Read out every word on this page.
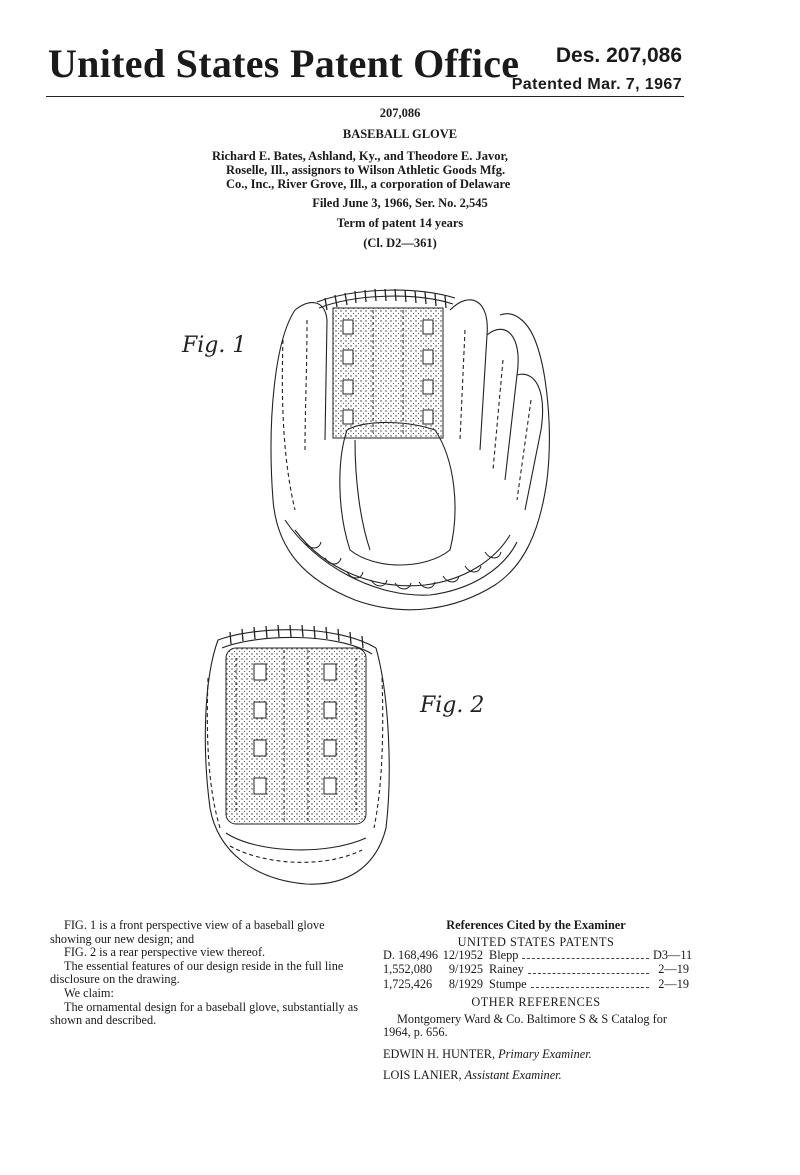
United States Patent Office Des. 207,086
Patented Mar. 7, 1967
207,086
BASEBALL GLOVE
Richard E. Bates, Ashland, Ky., and Theodore E. Javor,
Roselle, Ill., assignors to Wilson Athletic Goods Mfg.
Co., Inc., River Grove, Ill., a corporation of Delaware
Filed June 3, 1966, Ser. No. 2,545
Term of patent 14 years
(Cl. D2—361)
Fig. 1
Fig. 2

FIG. 1 is a front perspective view of a baseball glove showing our new design; and

FIG. 2 is a rear perspective view thereof.

The essential features of our design reside in the full line disclosure on the drawing.

We claim:

The ornamental design for a baseball glove, substantially as shown and described.

References Cited by the Examiner
UNITED STATES PATENTS
D. 168,496 12/1952 Blepp	D3—11
1,552,080	9/1925 Rainey	2—19
1,725,426	8/1929 Stumpe	2—19
OTHER REFERENCES
Montgomery Ward & Co. Baltimore S & S Catalog for 1964, p. 656.
EDWIN H. HUNTER, Primary Examiner.
LOIS LANIER, Assistant Examiner.
